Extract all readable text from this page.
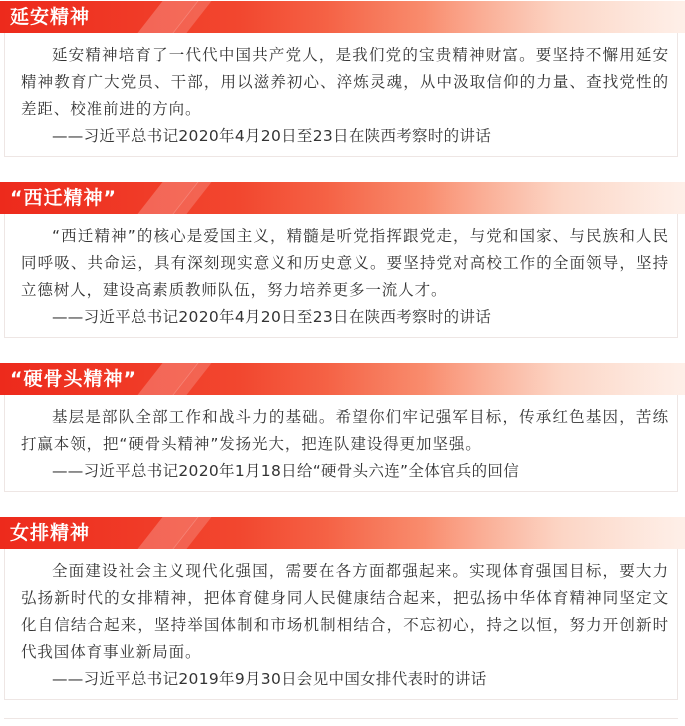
延安精神

延安精神培育了一代代中国共产党人，是我们党的宝贵精神财富。要坚持不懈用延安精神教育广大党员、干部，用以滋养初心、淬炼灵魂，从中汲取信仰的力量、查找党性的差距、校准前进的方向。

——习近平总书记2020年4月20日至23日在陕西考察时的讲话

“西迁精神”

“西迁精神”的核心是爱国主义，精髓是听党指挥跟党走，与党和国家、与民族和人民同呼吸、共命运，具有深刻现实意义和历史意义。要坚持党对高校工作的全面领导，坚持立德树人，建设高素质教师队伍，努力培养更多一流人才。

——习近平总书记2020年4月20日至23日在陕西考察时的讲话

“硬骨头精神”

基层是部队全部工作和战斗力的基础。希望你们牢记强军目标，传承红色基因，苦练打赢本领，把“硬骨头精神”发扬光大，把连队建设得更加坚强。

——习近平总书记2020年1月18日给“硬骨头六连”全体官兵的回信

女排精神

全面建设社会主义现代化强国，需要在各方面都强起来。实现体育强国目标，要大力弘扬新时代的女排精神，把体育健身同人民健康结合起来，把弘扬中华体育精神同坚定文化自信结合起来，坚持举国体制和市场机制相结合，不忘初心，持之以恒，努力开创新时代我国体育事业新局面。

——习近平总书记2019年9月30日会见中国女排代表时的讲话
